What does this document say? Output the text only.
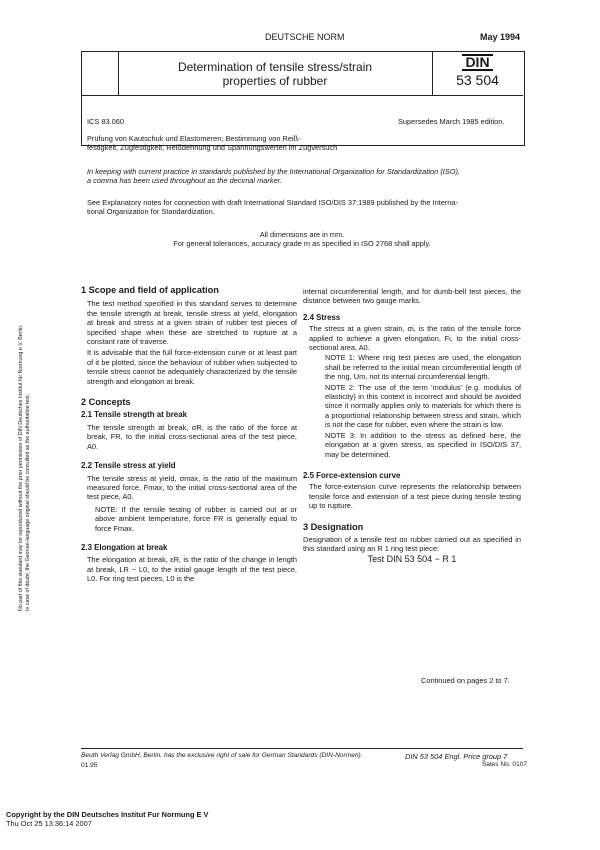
DEUTSCHE NORM	May 1994
Determination of tensile stress/strain
properties of rubber
DIN
53 504
ICS 83.060	Supersedes March 1985 edition.
Prüfung von Kautschuk und Elastomeren; Bestimmung von Reiß-
festigkeit, Zugfestigkeit, Reißdehnung und Spannungswerten im Zugversuch
In keeping with current practice in standards published by the International Organization for Standardization (ISO),
a comma has been used throughout as the decimal marker.
See Explanatory notes for connection with draft International Standard ISO/DIS 37:1989 published by the Interna-
tional Organization for Standardization.
All dimensions are in mm.
For general tolerances, accuracy grade m as specified in ISO 2768 shall apply.
No part of this standard may be reproduced without the prior permission of DIN Deutsches Institut für Normung e.V. Berlin. In case of doubt, the German-language original should be consulted as the authoritative text.

1 Scope and field of application

The test method specified in this standard serves to determine the tensile strength at break, tensile stress at yield, elongation at break and stress at a given strain of rubber test pieces of specified shape when these are stretched to rupture at a constant rate of traverse.

It is advisable that the full force-extension curve or at least part of it be plotted, since the behaviour of rubber when subjected to tensile stress cannot be adequately characterized by the tensile strength and elongation at break.

2 Concepts

2.1 Tensile strength at break

The tensile strength at break, σR, is the ratio of the force at break, FR, to the initial cross-sectional area of the test piece, A0.

2.2 Tensile stress at yield

The tensile stress at yield, σmax, is the ratio of the maximum measured force, Fmax, to the initial cross-sectional area of the test piece, A0.

NOTE: If the tensile testing of rubber is carried out at or above ambient temperature, force FR is generally equal to force Fmax.

2.3 Elongation at break

The elongation at break, εR, is the ratio of the change in length at break, LR − L0, to the initial gauge length of the test piece, L0. For ring test pieces, L0 is the

internal circumferential length, and for dumb-bell test pieces, the distance between two gauge marks.

2.4 Stress

The stress at a given strain, σi, is the ratio of the tensile force applied to achieve a given elongation, Fi, to the initial cross-sectional area, A0.

NOTE 1: Where ring test pieces are used, the elongation shall be referred to the initial mean circumferential length of the ring, Um, not its internal circumferential length.

NOTE 2: The use of the term 'modulus' (e.g. modulus of elasticity) in this context is incorrect and should be avoided since it normally applies only to materials for which there is a proportional relationship between stress and strain, which is not the case for rubber, even where the strain is low.

NOTE 3: In addition to the stress as defined here, the elongation at a given stress, as specified in ISO/DIS 37, may be determined.

2.5 Force-extension curve

The force-extension curve represents the relationship between tensile force and extension of a test piece during tensile testing up to rupture.

3 Designation

Designation of a tensile test on rubber carried out as specified in this standard using an R 1 ring test piece:

Test DIN 53 504 − R 1

Continued on pages 2 to 7.
Beuth Verlag GmbH, Berlin, has the exclusive right of sale for German Standards (DIN-Normen).
01.95
DIN 53 504 Engl. Price group 7
Sales No. 0107
Copyright by the DIN Deutsches Institut Fur Normung E V
Thu Oct 25 13:36:14 2007
